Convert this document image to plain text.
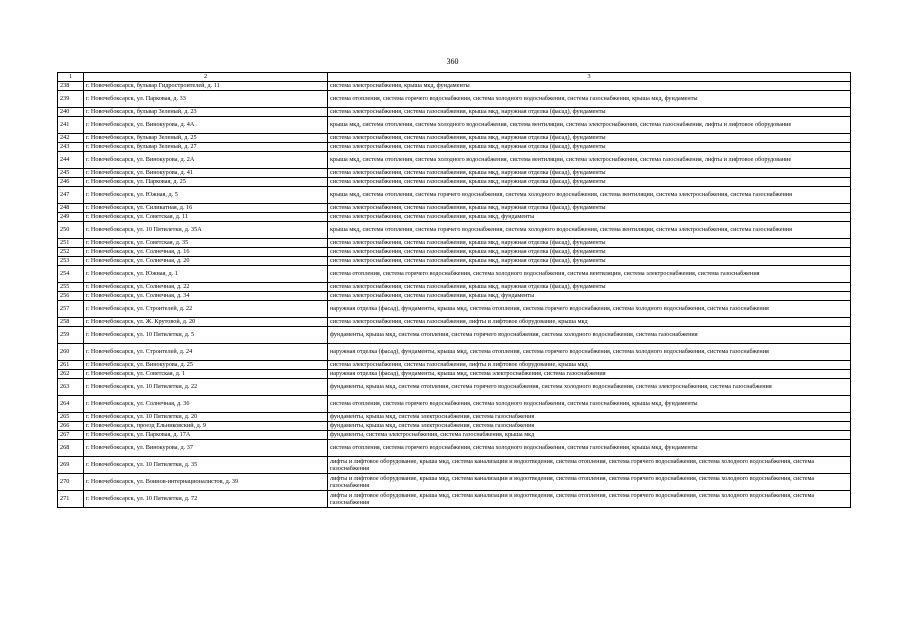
360
1	2	3
238	г. Новочебоксарск, бульвар Гидростроителей, д. 11	система электроснабжения, крыша мкд, фундаменты
239	г. Новочебоксарск, ул. Парковая, д. 33	система отопления, система горячего водоснабжения, система холодного водоснабжения, система газоснабжения, крыша мкд, фундаменты
240	г. Новочебоксарск, бульвар Зеленый, д. 23	система электроснабжения, система газоснабжения, крыша мкд, наружная отделка (фасад), фундаменты
241	г. Новочебоксарск, ул. Винокурова, д. 4А	крыша мкд, система отопления, система холодного водоснабжения, система вентиляции, система электроснабжения, система газоснабжения, лифты и лифтовое оборудование
242	г. Новочебоксарск, бульвар Зеленый, д. 25	система электроснабжения, система газоснабжения, крыша мкд, наружная отделка (фасад), фундаменты
243	г. Новочебоксарск, бульвар Зеленый, д. 27	система электроснабжения, система газоснабжения, крыша мкд, наружная отделка (фасад), фундаменты
244	г. Новочебоксарск, ул. Винокурова, д. 2А	крыша мкд, система отопления, система холодного водоснабжения, система вентиляции, система электроснабжения, система газоснабжения, лифты и лифтовое оборудование
245	г. Новочебоксарск, ул. Винокурова, д. 41	система электроснабжения, система газоснабжения, крыша мкд, наружная отделка (фасад), фундаменты
246	г. Новочебоксарск, ул. Парковая, д. 25	система электроснабжения, система газоснабжения, крыша мкд, наружная отделка (фасад), фундаменты
247	г. Новочебоксарск, ул. Южная, д. 5	крыша мкд, система отопления, система горячего водоснабжения, система холодного водоснабжения, система вентиляции, система электроснабжения, система газоснабжения
248	г. Новочебоксарск, ул. Силикатная, д. 16	система электроснабжения, система газоснабжения, крыша мкд, наружная отделка (фасад), фундаменты
249	г. Новочебоксарск, ул. Советская, д. 11	система электроснабжения, система газоснабжения, крыша мкд, фундаменты
250	г. Новочебоксарск, ул. 10 Пятилетки, д. 35А	крыша мкд, система отопления, система горячего водоснабжения, система холодного водоснабжения, система вентиляции, система электроснабжения, система газоснабжения
251	г. Новочебоксарск, ул. Советская, д. 35	система электроснабжения, система газоснабжения, крыша мкд, наружная отделка (фасад), фундаменты
252	г. Новочебоксарск, ул. Солнечная, д. 16	система электроснабжения, система газоснабжения, крыша мкд, наружная отделка (фасад), фундаменты
253	г. Новочебоксарск, ул. Солнечная, д. 20	система электроснабжения, система газоснабжения, крыша мкд, наружная отделка (фасад), фундаменты
254	г. Новочебоксарск, ул. Южная, д. 1	система отопления, система горячего водоснабжения, система холодного водоснабжения, система вентиляции, система электроснабжения, система газоснабжения
255	г. Новочебоксарск, ул. Солнечная, д. 22	система электроснабжения, система газоснабжения, крыша мкд, наружная отделка (фасад), фундаменты
256	г. Новочебоксарск, ул. Солнечная, д. 34	система электроснабжения, система газоснабжения, крыша мкд, фундаменты
257	г. Новочебоксарск, ул. Строителей, д. 22	наружная отделка (фасад), фундаменты, крыша мкд, система отопления, система горячего водоснабжения, система холодного водоснабжения, система газоснабжения
258	г. Новочебоксарск, ул. Ж. Крутовой, д. 20	система электроснабжения, система газоснабжения, лифты и лифтовое оборудование, крыша мкд
259	г. Новочебоксарск, ул. 10 Пятилетки, д. 5	фундаменты, крыша мкд, система отопления, система горячего водоснабжения, система холодного водоснабжения, система газоснабжения
260	г. Новочебоксарск, ул. Строителей, д. 24	наружная отделка (фасад), фундаменты, крыша мкд, система отопления, система горячего водоснабжения, система холодного водоснабжения, система газоснабжения
261	г. Новочебоксарск, ул. Винокурова, д. 25	система электроснабжения, система газоснабжения, лифты и лифтовое оборудование, крыша мкд
262	г. Новочебоксарск, ул. Советская, д. 1	наружная отделка (фасад), фундаменты, крыша мкд, система электроснабжения, система газоснабжения
263	г. Новочебоксарск, ул. 10 Пятилетки, д. 22	фундаменты, крыша мкд, система отопления, система горячего водоснабжения, система холодного водоснабжения, система электроснабжения, система газоснабжения
264	г. Новочебоксарск, ул. Солнечная, д. 36	система отопления, система горячего водоснабжения, система холодного водоснабжения, система газоснабжения, крыша мкд, фундаменты
265	г. Новочебоксарск, ул. 10 Пятилетки, д. 20	фундаменты, крыша мкд, система электроснабжения, система газоснабжения
266	г. Новочебоксарск, проезд Ельниковский, д. 9	фундаменты, крыша мкд, система электроснабжения, система газоснабжения
267	г. Новочебоксарск, ул. Парковая, д. 17А	фундаменты, система электроснабжения, система газоснабжения, крыша мкд
268	г. Новочебоксарск, ул. Винокурова, д. 37	система отопления, система горячего водоснабжения, система холодного водоснабжения, система газоснабжения, крыша мкд, фундаменты
269	г. Новочебоксарск, ул. 10 Пятилетки, д. 35	лифты и лифтовое оборудование, крыша мкд, система канализации и водоотведения, система отопления, система горячего водоснабжения, система холодного водоснабжения, система газоснабжения
270	г. Новочебоксарск, ул. Воинов-интернационалистов, д. 39	лифты и лифтовое оборудование, крыша мкд, система канализации и водоотведения, система отопления, система горячего водоснабжения, система холодного водоснабжения, система газоснабжения
271	г. Новочебоксарск, ул. 10 Пятилетки, д. 72	лифты и лифтовое оборудование, крыша мкд, система канализации и водоотведения, система отопления, система горячего водоснабжения, система холодного водоснабжения, система газоснабжения
